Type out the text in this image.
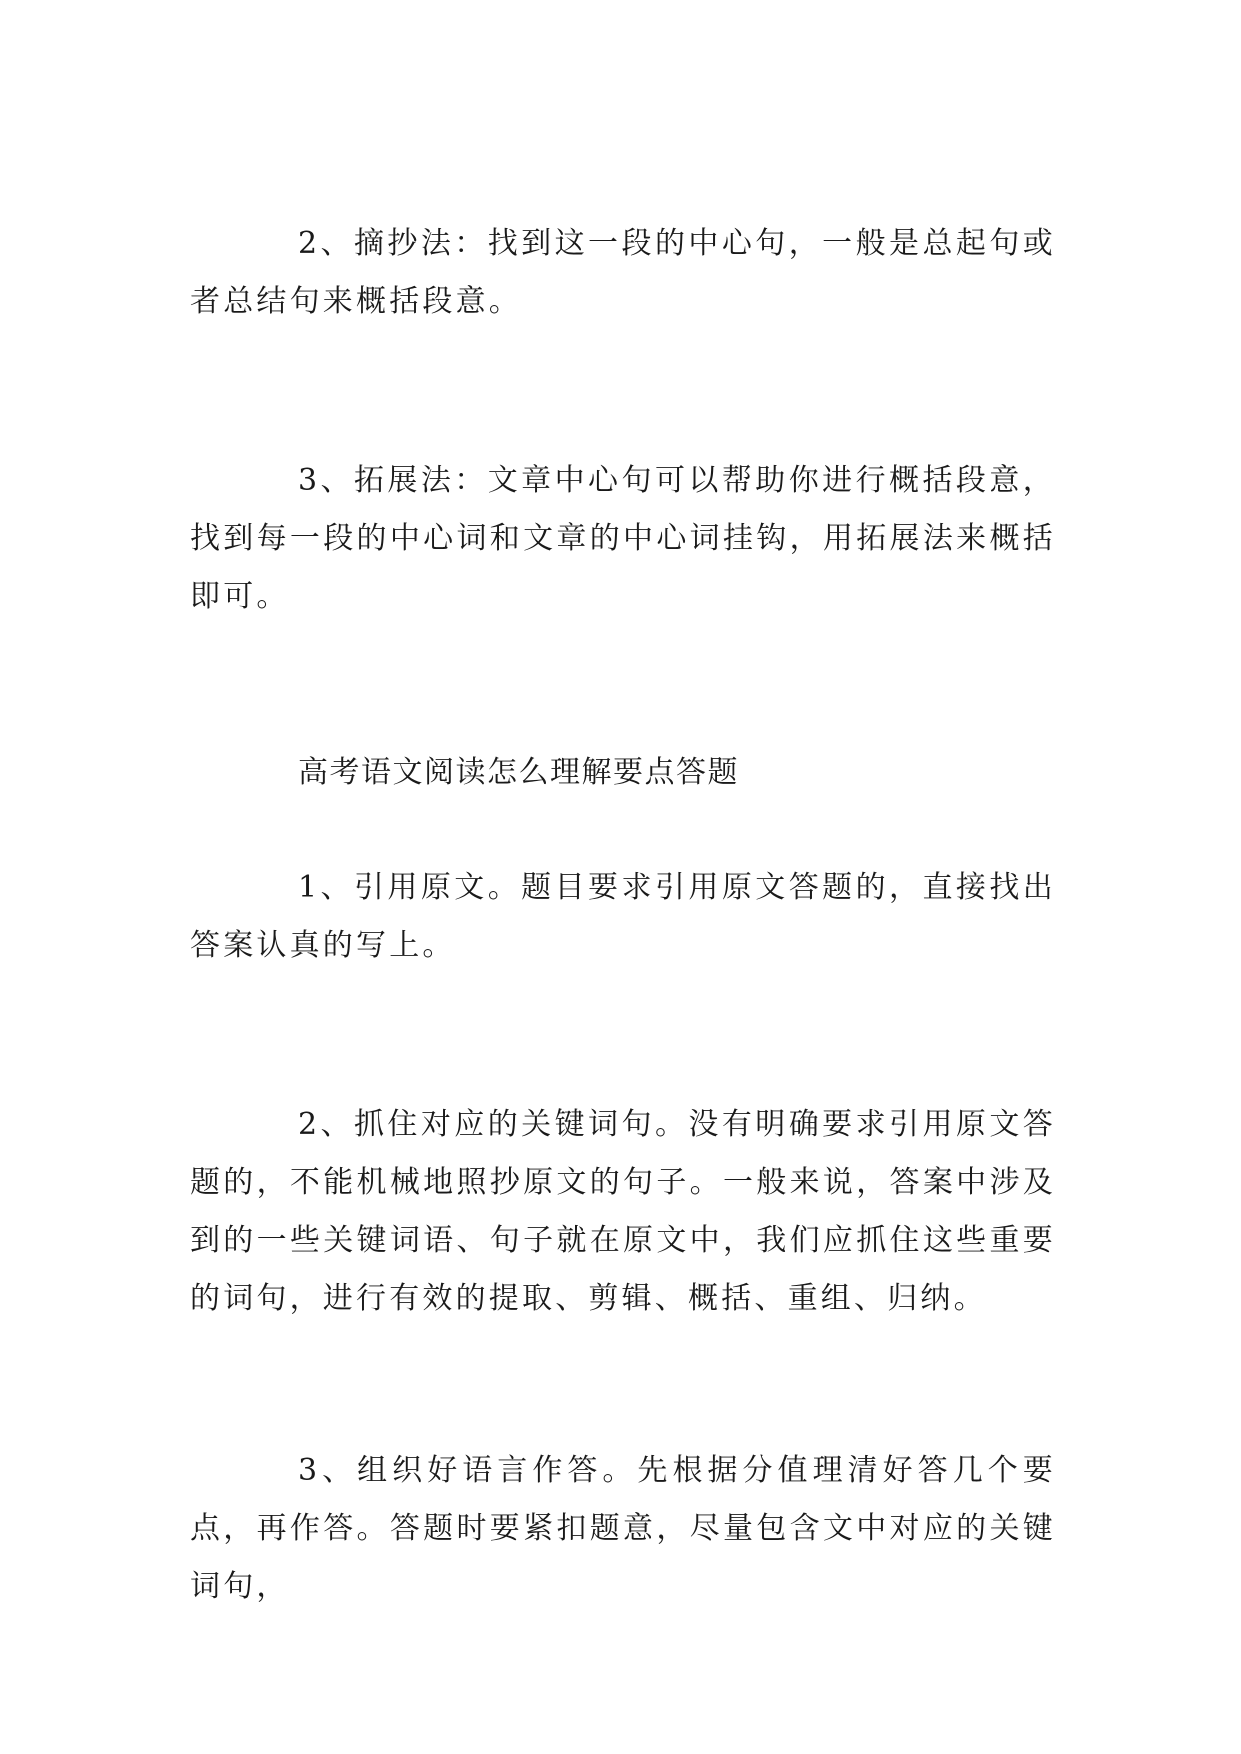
2、摘抄法：找到这一段的中心句，一般是总起句或者总结句来概括段意。

3、拓展法：文章中心句可以帮助你进行概括段意，找到每一段的中心词和文章的中心词挂钩，用拓展法来概括即可。

高考语文阅读怎么理解要点答题

1、引用原文。题目要求引用原文答题的，直接找出答案认真的写上。

2、抓住对应的关键词句。没有明确要求引用原文答题的，不能机械地照抄原文的句子。一般来说，答案中涉及到的一些关键词语、句子就在原文中，我们应抓住这些重要的词句，进行有效的提取、剪辑、概括、重组、归纳。

3、组织好语言作答。先根据分值理清好答几个要点，再作答。答题时要紧扣题意，尽量包含文中对应的关键词句，
